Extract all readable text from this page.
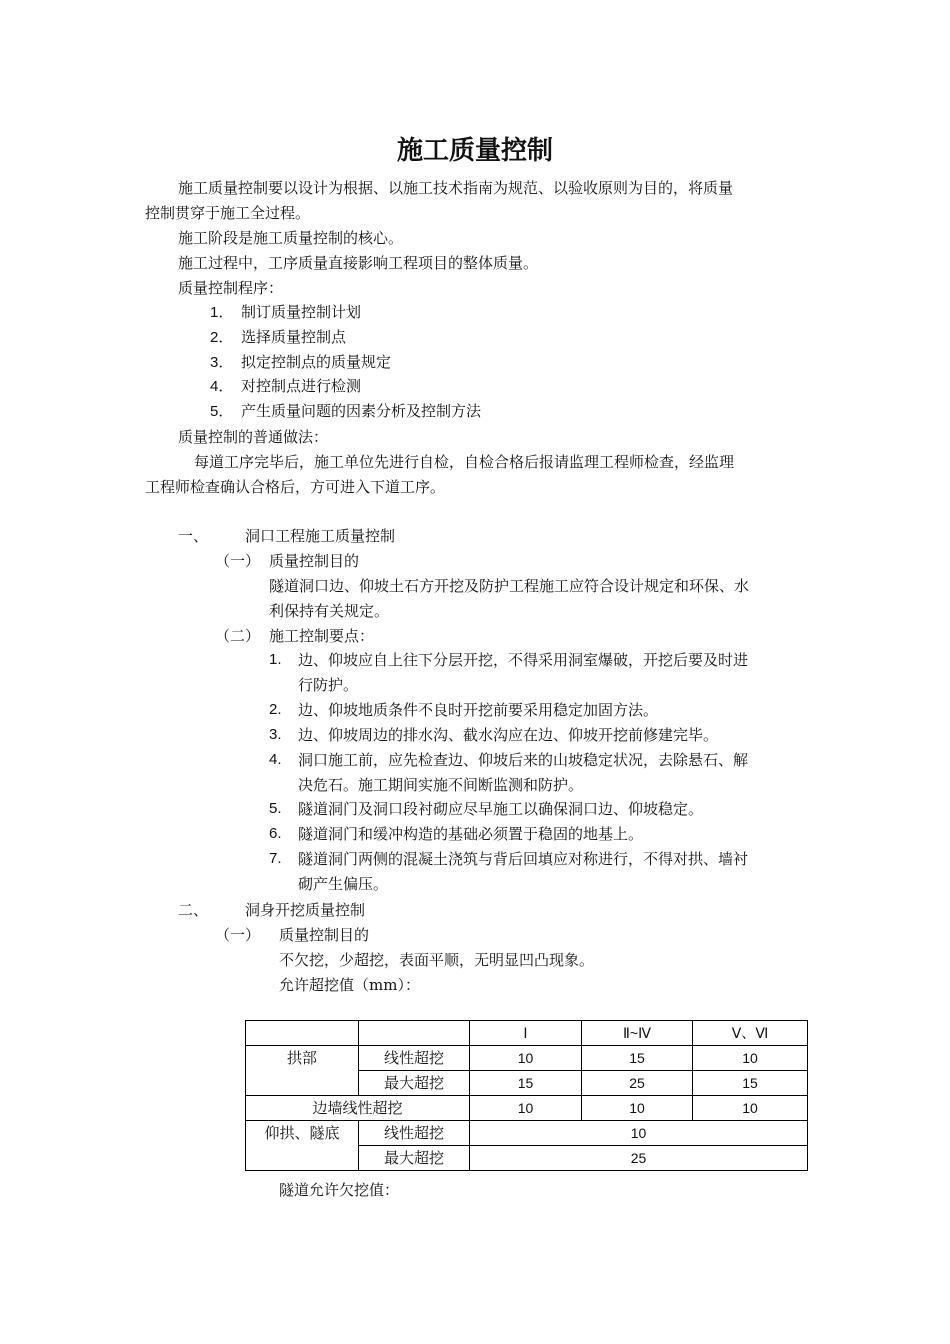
施工质量控制
施工质量控制要以设计为根据、以施工技术指南为规范、以验收原则为目的，将质量
控制贯穿于施工全过程。
施工阶段是施工质量控制的核心。
施工过程中，工序质量直接影响工程项目的整体质量。
质量控制程序：
1． 制订质量控制计划
2． 选择质量控制点
3． 拟定控制点的质量规定
4． 对控制点进行检测
5． 产生质量问题的因素分析及控制方法
质量控制的普通做法：
每道工序完毕后，施工单位先进行自检，自检合格后报请监理工程师检查，经监理
工程师检查确认合格后，方可进入下道工序。
一、 洞口工程施工质量控制
（一） 质量控制目的
隧道洞口边、仰坡土石方开挖及防护工程施工应符合设计规定和环保、水
利保持有关规定。
（二） 施工控制要点：
1. 边、仰坡应自上往下分层开挖，不得采用洞室爆破，开挖后要及时进
行防护。
2. 边、仰坡地质条件不良时开挖前要采用稳定加固方法。
3. 边、仰坡周边的排水沟、截水沟应在边、仰坡开挖前修建完毕。
4. 洞口施工前，应先检查边、仰坡后来的山坡稳定状况，去除悬石、解
决危石。施工期间实施不间断监测和防护。
5. 隧道洞门及洞口段衬砌应尽早施工以确保洞口边、仰坡稳定。
6. 隧道洞门和缓冲构造的基础必须置于稳固的地基上。
7. 隧道洞门两侧的混凝土浇筑与背后回填应对称进行，不得对拱、墙衬
砌产生偏压。
二、 洞身开挖质量控制
（一） 质量控制目的
不欠挖，少超挖，表面平顺，无明显凹凸现象。
允许超挖值（mm）：
		Ⅰ	Ⅱ~Ⅳ	Ⅴ、Ⅵ
拱部	线性超挖	10	15	10
	最大超挖	15	25	15
边墙线性超挖		10	10	10
仰拱、隧底	线性超挖	10		
	最大超挖	25		
隧道允许欠挖值：
